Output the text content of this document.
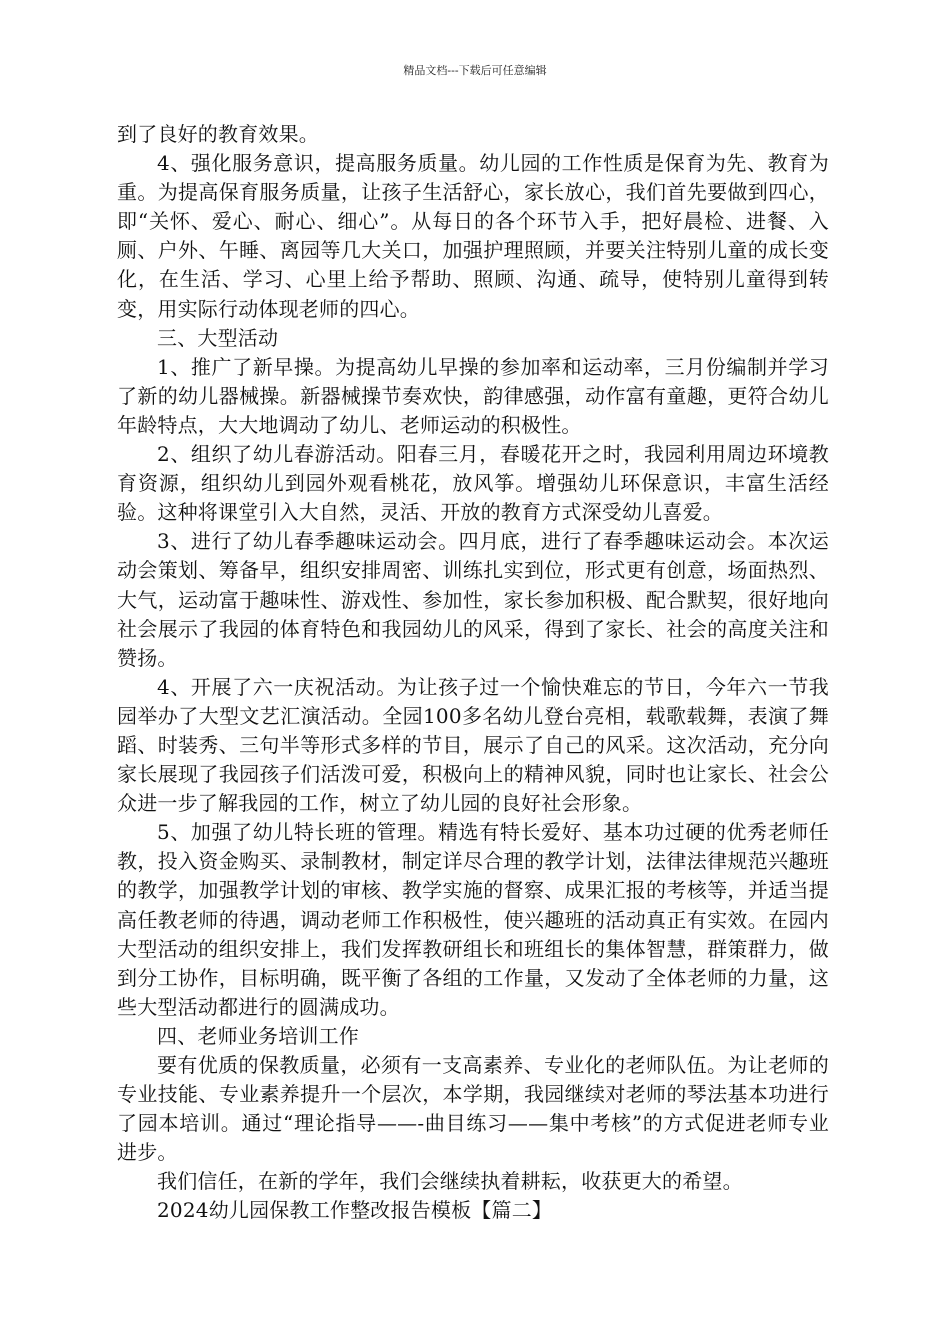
精品文档---下载后可任意编辑

到了良好的教育效果。

4、强化服务意识，提高服务质量。幼儿园的工作性质是保育为先、教育为重。为提高保育服务质量，让孩子生活舒心，家长放心，我们首先要做到四心，即“关怀、爱心、耐心、细心”。从每日的各个环节入手，把好晨检、进餐、入厕、户外、午睡、离园等几大关口，加强护理照顾，并要关注特别儿童的成长变化，在生活、学习、心里上给予帮助、照顾、沟通、疏导，使特别儿童得到转变，用实际行动体现老师的四心。

三、大型活动

1、推广了新早操。为提高幼儿早操的参加率和运动率，三月份编制并学习了新的幼儿器械操。新器械操节奏欢快，韵律感强，动作富有童趣，更符合幼儿年龄特点，大大地调动了幼儿、老师运动的积极性。

2、组织了幼儿春游活动。阳春三月，春暖花开之时，我园利用周边环境教育资源，组织幼儿到园外观看桃花，放风筝。增强幼儿环保意识，丰富生活经验。这种将课堂引入大自然，灵活、开放的教育方式深受幼儿喜爱。

3、进行了幼儿春季趣味运动会。四月底，进行了春季趣味运动会。本次运动会策划、筹备早，组织安排周密、训练扎实到位，形式更有创意，场面热烈、大气，运动富于趣味性、游戏性、参加性，家长参加积极、配合默契，很好地向社会展示了我园的体育特色和我园幼儿的风采，得到了家长、社会的高度关注和赞扬。

4、开展了六一庆祝活动。为让孩子过一个愉快难忘的节日，今年六一节我园举办了大型文艺汇演活动。全园100多名幼儿登台亮相，载歌载舞，表演了舞蹈、时装秀、三句半等形式多样的节目，展示了自己的风采。这次活动，充分向家长展现了我园孩子们活泼可爱，积极向上的精神风貌，同时也让家长、社会公众进一步了解我园的工作，树立了幼儿园的良好社会形象。

5、加强了幼儿特长班的管理。精选有特长爱好、基本功过硬的优秀老师任教，投入资金购买、录制教材，制定详尽合理的教学计划，法律法律规范兴趣班的教学，加强教学计划的审核、教学实施的督察、成果汇报的考核等，并适当提高任教老师的待遇，调动老师工作积极性，使兴趣班的活动真正有实效。在园内大型活动的组织安排上，我们发挥教研组长和班组长的集体智慧，群策群力，做到分工协作，目标明确，既平衡了各组的工作量，又发动了全体老师的力量，这些大型活动都进行的圆满成功。

四、老师业务培训工作

要有优质的保教质量，必须有一支高素养、专业化的老师队伍。为让老师的专业技能、专业素养提升一个层次，本学期，我园继续对老师的琴法基本功进行了园本培训。通过“理论指导——-曲目练习——集中考核”的方式促进老师专业进步。

我们信任，在新的学年，我们会继续执着耕耘，收获更大的希望。

2024幼儿园保教工作整改报告模板【篇二】
